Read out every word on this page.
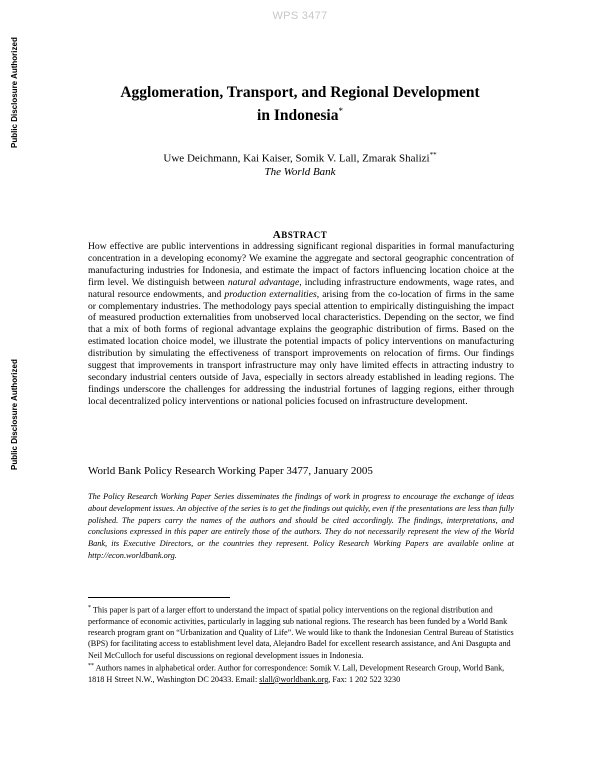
WPS 3477
Public Disclosure Authorized
Public Disclosure Authorized
Agglomeration, Transport, and Regional Development
in Indonesia*
Uwe Deichmann, Kai Kaiser, Somik V. Lall, Zmarak Shalizi**
The World Bank
ABSTRACT
How effective are public interventions in addressing significant regional disparities in formal manufacturing concentration in a developing economy? We examine the aggregate and sectoral geographic concentration of manufacturing industries for Indonesia, and estimate the impact of factors influencing location choice at the firm level. We distinguish between natural advantage, including infrastructure endowments, wage rates, and natural resource endowments, and production externalities, arising from the co-location of firms in the same or complementary industries. The methodology pays special attention to empirically distinguishing the impact of measured production externalities from unobserved local characteristics. Depending on the sector, we find that a mix of both forms of regional advantage explains the geographic distribution of firms. Based on the estimated location choice model, we illustrate the potential impacts of policy interventions on manufacturing distribution by simulating the effectiveness of transport improvements on relocation of firms. Our findings suggest that improvements in transport infrastructure may only have limited effects in attracting industry to secondary industrial centers outside of Java, especially in sectors already established in leading regions. The findings underscore the challenges for addressing the industrial fortunes of lagging regions, either through local decentralized policy interventions or national policies focused on infrastructure development.
World Bank Policy Research Working Paper 3477, January 2005
The Policy Research Working Paper Series disseminates the findings of work in progress to encourage the exchange of ideas about development issues. An objective of the series is to get the findings out quickly, even if the presentations are less than fully polished. The papers carry the names of the authors and should be cited accordingly. The findings, interpretations, and conclusions expressed in this paper are entirely those of the authors. They do not necessarily represent the view of the World Bank, its Executive Directors, or the countries they represent. Policy Research Working Papers are available online at http://econ.worldbank.org.

* This paper is part of a larger effort to understand the impact of spatial policy interventions on the regional distribution and performance of economic activities, particularly in lagging sub national regions. The research has been funded by a World Bank research program grant on “Urbanization and Quality of Life”. We would like to thank the Indonesian Central Bureau of Statistics (BPS) for facilitating access to establishment level data, Alejandro Badel for excellent research assistance, and Ani Dasgupta and Neil McCulloch for useful discussions on regional development issues in Indonesia.

** Authors names in alphabetical order. Author for correspondence: Somik V. Lall, Development Research Group, World Bank, 1818 H Street N.W., Washington DC 20433. Email: slall@worldbank.org, Fax: 1 202 522 3230
